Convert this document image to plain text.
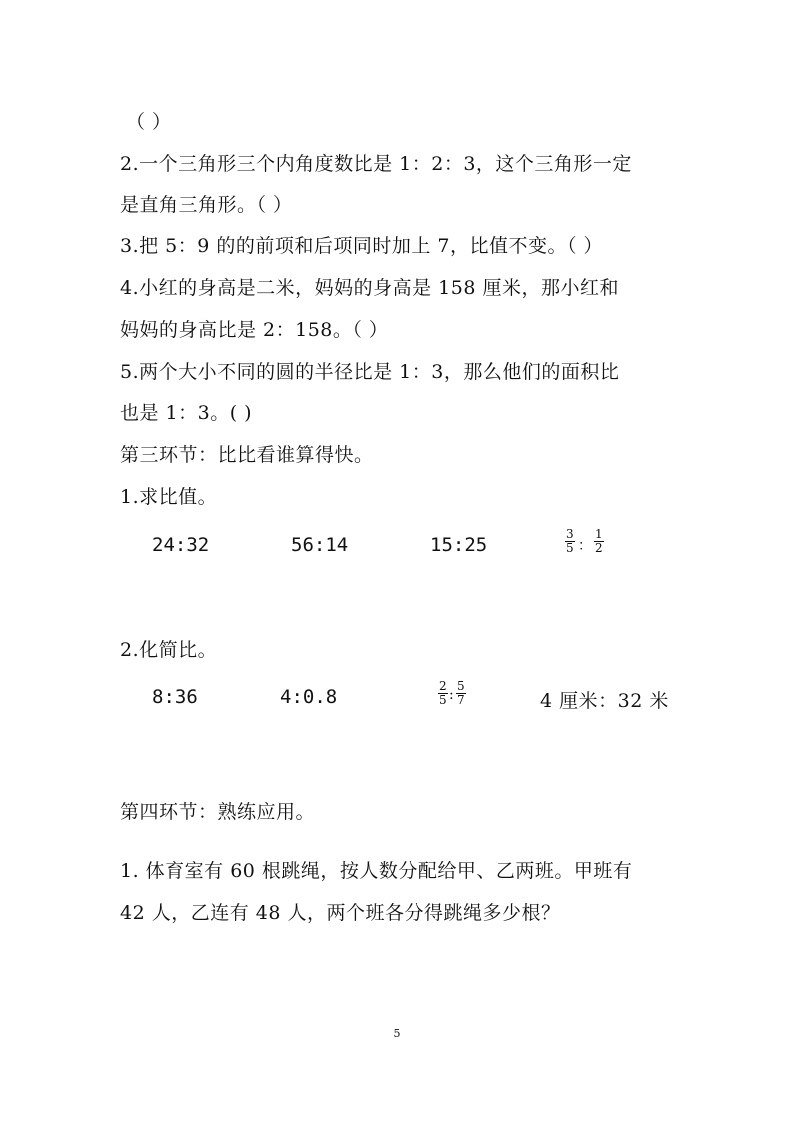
（ ）
2.一个三角形三个内角度数比是 1：2：3，这个三角形一定
是直角三角形。（ ）
3.把 5：9 的的前项和后项同时加上 7，比值不变。（ ）
4.小红的身高是二米，妈妈的身高是 158 厘米，那小红和
妈妈的身高比是 2：158。（ ）
5.两个大小不同的圆的半径比是 1：3，那么他们的面积比
也是 1：3。( )
第三环节：比比看谁算得快。
1.求比值。
24:32	56:14	15:25	$\frac{3}{5}$ ： $\frac{1}{2}$
2.化简比。
8:36	4:0.8	$\frac{2}{5}$ : $\frac{5}{7}$	4 厘米：32 米
第四环节：熟练应用。
1. 体育室有 60 根跳绳，按人数分配给甲、乙两班。甲班有
42 人，乙连有 48 人，两个班各分得跳绳多少根？
5
